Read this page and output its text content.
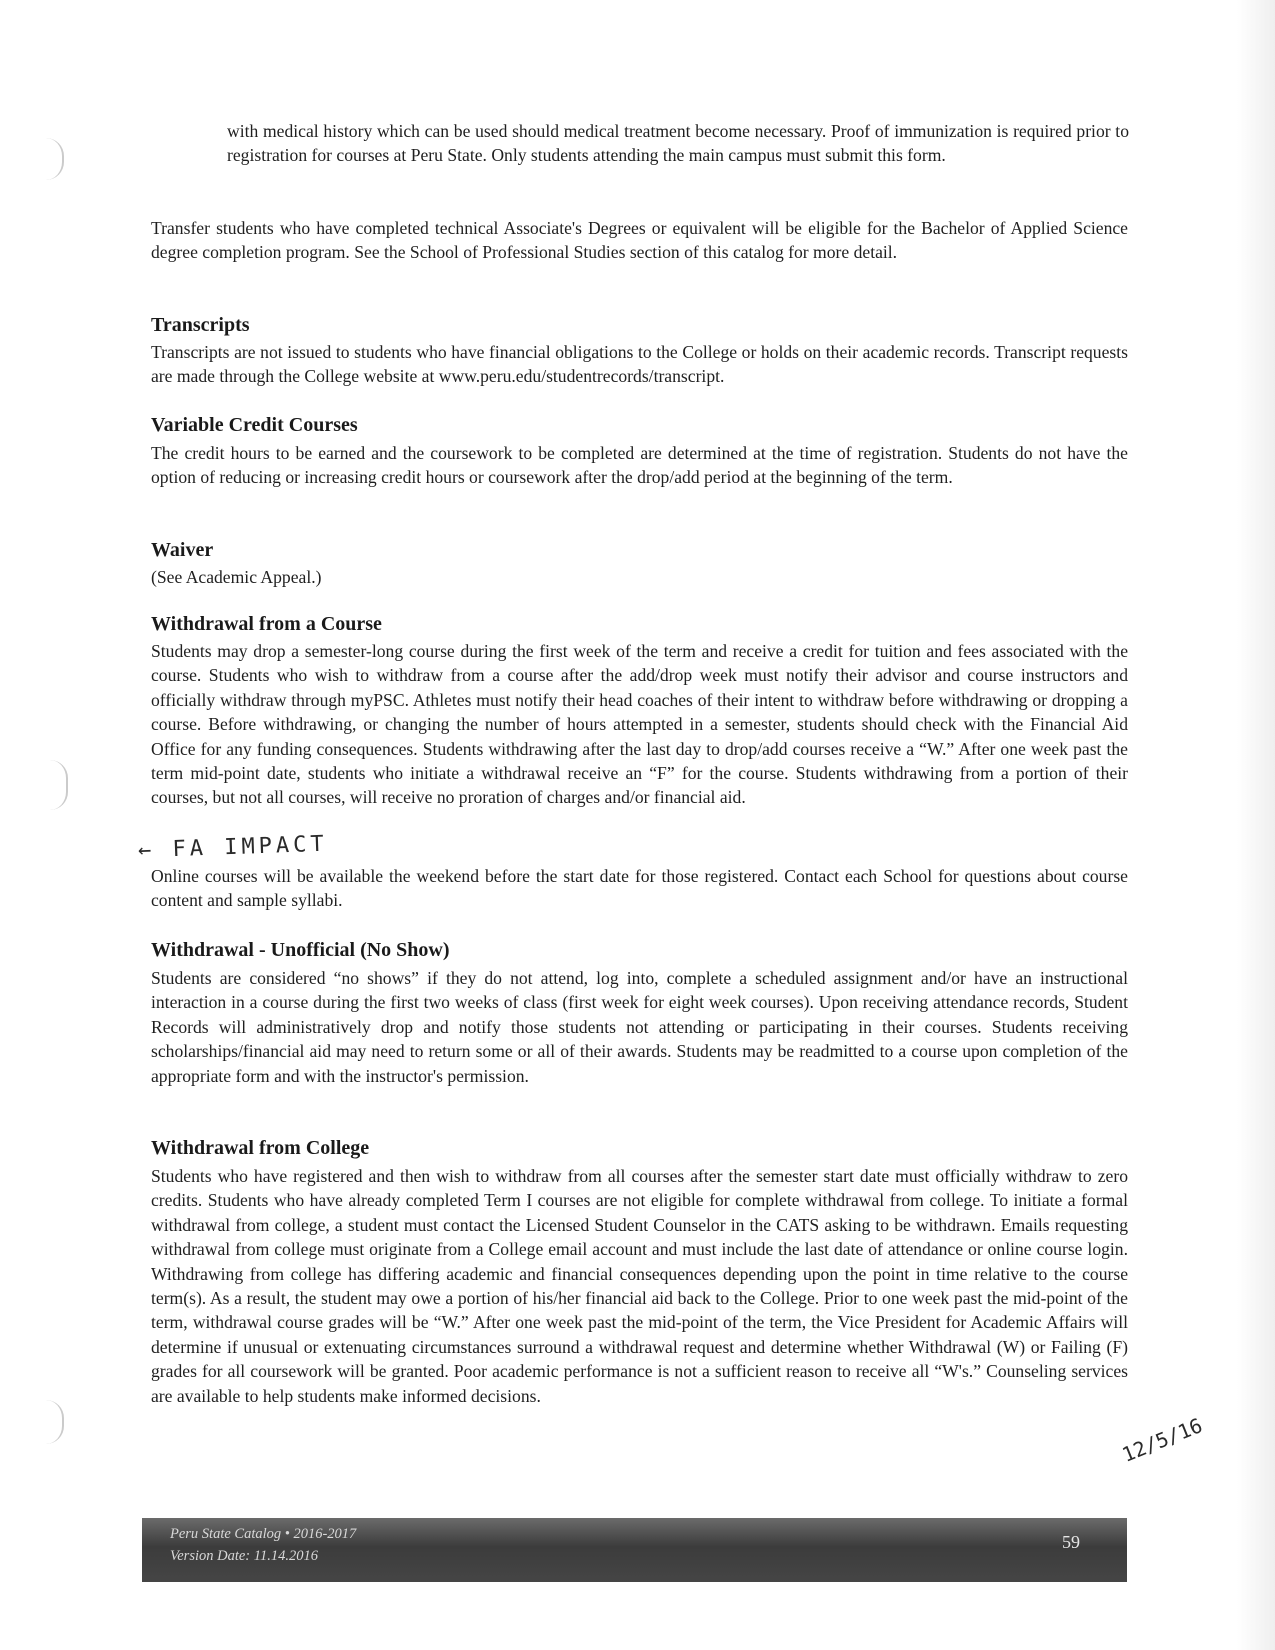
with medical history which can be used should medical treatment become necessary. Proof of immunization is required prior to registration for courses at Peru State. Only students attending the main campus must submit this form.

Transfer students who have completed technical Associate's Degrees or equivalent will be eligible for the Bachelor of Applied Science degree completion program. See the School of Professional Studies section of this catalog for more detail.

Transcripts

Transcripts are not issued to students who have financial obligations to the College or holds on their academic records. Transcript requests are made through the College website at www.peru.edu/studentrecords/transcript.

Variable Credit Courses

The credit hours to be earned and the coursework to be completed are determined at the time of registration. Students do not have the option of reducing or increasing credit hours or coursework after the drop/add period at the beginning of the term.

Waiver

(See Academic Appeal.)

Withdrawal from a Course

Students may drop a semester-long course during the first week of the term and receive a credit for tuition and fees associated with the course. Students who wish to withdraw from a course after the add/drop week must notify their advisor and course instructors and officially withdraw through myPSC. Athletes must notify their head coaches of their intent to withdraw before withdrawing or dropping a course. Before withdrawing, or changing the number of hours attempted in a semester, students should check with the Financial Aid Office for any funding consequences. Students withdrawing after the last day to drop/add courses receive a “W.” After one week past the term mid-point date, students who initiate a withdrawal receive an “F” for the course. Students withdrawing from a portion of their courses, but not all courses, will receive no proration of charges and/or financial aid.

← FA IMPACT

Online courses will be available the weekend before the start date for those registered. Contact each School for questions about course content and sample syllabi.

Withdrawal - Unofficial (No Show)

Students are considered “no shows” if they do not attend, log into, complete a scheduled assignment and/or have an instructional interaction in a course during the first two weeks of class (first week for eight week courses). Upon receiving attendance records, Student Records will administratively drop and notify those students not attending or participating in their courses. Students receiving scholarships/financial aid may need to return some or all of their awards. Students may be readmitted to a course upon completion of the appropriate form and with the instructor's permission.

Withdrawal from College

Students who have registered and then wish to withdraw from all courses after the semester start date must officially withdraw to zero credits. Students who have already completed Term I courses are not eligible for complete withdrawal from college. To initiate a formal withdrawal from college, a student must contact the Licensed Student Counselor in the CATS asking to be withdrawn. Emails requesting withdrawal from college must originate from a College email account and must include the last date of attendance or online course login. Withdrawing from college has differing academic and financial consequences depending upon the point in time relative to the course term(s). As a result, the student may owe a portion of his/her financial aid back to the College. Prior to one week past the mid-point of the term, withdrawal course grades will be “W.” After one week past the mid-point of the term, the Vice President for Academic Affairs will determine if unusual or extenuating circumstances surround a withdrawal request and determine whether Withdrawal (W) or Failing (F) grades for all coursework will be granted. Poor academic performance is not a sufficient reason to receive all “W's.” Counseling services are available to help students make informed decisions.

12/5/16

Peru State Catalog • 2016-2017

Version Date: 11.14.2016

59
